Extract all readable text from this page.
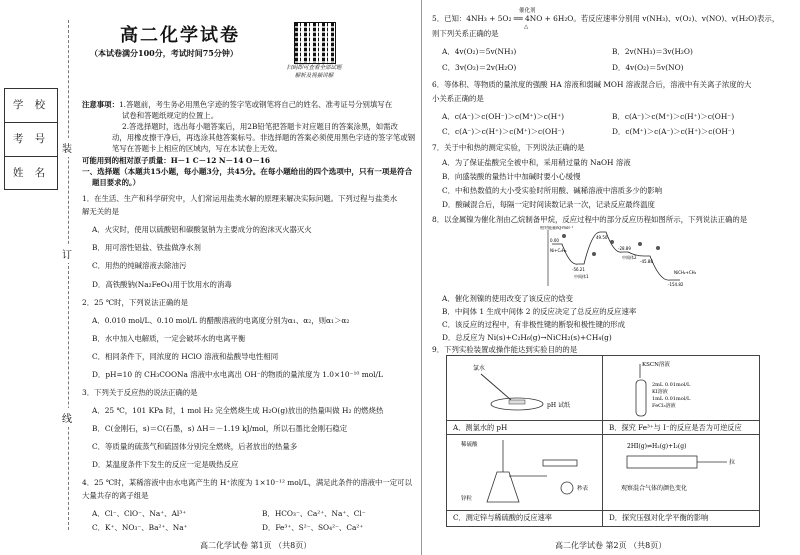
学 校
考 号
姓 名
装
订
线
高二化学试卷
（本试卷满分100分，考试时间75分钟）
扫码即可查看全部试题解析及视频讲解
注意事项：1.答题前，考生务必用黑色字迹的签字笔或钢笔将自己的姓名、准考证号分别填写在
试卷和答题纸规定的位置上。
2.答选择题时，选出每小题答案后，用2B铅笔把答题卡对应题目的答案涂黑，如需改
动，用橡皮擦干净后，再选涂其他答案标号。非选择题的答案必须使用黑色字迹的签字笔或钢
笔写在答题卡上相应的区域内，写在本试卷上无效。
可能用到的相对原子质量：H－1 C－12 N－14 O－16
一、选择题（本题共15小题，每小题3分，共45分。在每小题给出的四个选项中，只有一项是符合
题目要求的。）
1．在生活、生产和科学研究中，人们常运用盐类水解的原理来解决实际问题。下列过程与盐类水
解无关的是
A．火灾时，使用以硫酸铝和碳酸氢钠为主要成分的泡沫灭火器灭火
B．用可溶性铝盐、铁盐做净水剂
C．用热的纯碱溶液去除油污
D．高铁酸钠(Na₂FeO₄)用于饮用水的消毒
2．25 ℃时，下列说法正确的是
A．0.010 mol/L、0.10 mol/L 的醋酸溶液的电离度分别为α₁、α₂，则α₁＞α₂
B．水中加入电解质，一定会破坏水的电离平衡
C．相同条件下，同浓度的 HClO 溶液和盐酸导电性相同
D．pH=10 的 CH₃COONa 溶液中水电离出 OH⁻的物质的量浓度为 1.0×10⁻¹⁰ mol/L
3．下列关于反应热的说法正确的是
A．25 ℃，101 KPa 时，1 mol H₂ 完全燃烧生成 H₂O(g)放出的热量叫做 H₂ 的燃烧热
B．C(金刚石，s)＝C(石墨，s) ΔH＝－1.19 kJ/mol，所以石墨比金刚石稳定
C．等质量的硫蒸气和硫固体分别完全燃烧，后者放出的热量多
D．某温度条件下发生的反应一定是吸热反应
4．25 ℃时，某稀溶液中由水电离产生的 H⁺浓度为 1×10⁻¹² mol/L，满足此条件的溶液中一定可以
大量共存的离子组是
A．Cl⁻、ClO⁻、Na⁺、Al³⁺	B．HCO₃⁻、Ca²⁺、Na⁺、Cl⁻
C．K⁺、NO₃⁻、Ba²⁺、Na⁺	D．Fe³⁺、S²⁻、SO₄²⁻、Ca²⁺
高二化学试卷 第1页 （共8页）
催化剂
△
5．已知：4NH₃ + 5O₂ ══ 4NO + 6H₂O。若反应速率分别用 v(NH₃)、v(O₂)、v(NO)、v(H₂O)表示，
则下列关系正确的是
A．4v(O₂)＝5v(NH₃)	B．2v(NH₃)＝3v(H₂O)
C．3v(O₂)＝2v(H₂O)	D．4v(O₂)＝5v(NO)
6．等体积、等物质的量浓度的强酸 HA 溶液和弱碱 MOH 溶液混合后，溶液中有关离子浓度的大
小关系正确的是
A．c(A⁻)＞c(OH⁻)＞c(M⁺)＞c(H⁺)	B．c(A⁻)＞c(M⁺)＞c(H⁺)＞c(OH⁻)
C．c(A⁻)＞c(H⁺)＞c(M⁺)＞c(OH⁻)	D．c(M⁺)＞c(A⁻)＞c(H⁺)＞c(OH⁻)
7．关于中和热的测定实验，下列说法正确的是
A．为了保证盐酸完全被中和，采用稍过量的 NaOH 溶液
B．向盛装酸的量热计中加碱时要小心缓慢
C．中和热数值的大小受实验时所用酸、碱稀溶液中溶质多少的影响
D．酸碱混合后，每隔一定时间读数记录一次，记录反应最终温度
8．以金属镍为催化剂由乙烷制备甲烷，反应过程中的部分反应历程如图所示，下列说法正确的是
相对能量/kJ·mol⁻¹
0.00
-56.21
49.50
-28.89
-45.88
-154.82
中间体1
中间体2
NiCH₂+CH₄
Ni+C₂H₆
A．催化剂镍的使用改变了该反应的焓变
B．中间体 1 生成中间体 2 的反应决定了总反应的反应速率
C．该反应的过程中，有非极性键的断裂和极性键的形成
D．总反应为 Ni(s)+C₂H₆(g)→NiCH₂(s)+CH₄(g)
9．下列实验装置或操作能达到实验目的的是
氯水
pH 试纸
KSCN溶液
2mL 0.01mol/L
KI溶液
1mL 0.01mol/L
FeCl₃溶液
A．测氯水的 pH	B．探究 Fe³⁺与 I⁻的反应是否为可逆反应
稀硫酸
锌粒
秒表
2HI(g)⇌H₂(g)+I₂(g)
拉
观察混合气体的颜色变化
C．测定锌与稀硫酸的反应速率	D．探究压强对化学平衡的影响
高二化学试卷 第2页 （共8页）
